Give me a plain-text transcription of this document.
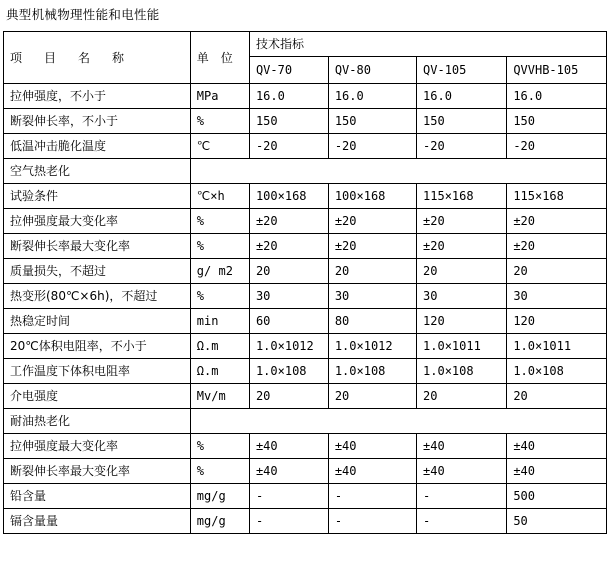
典型机械物理性能和电性能
项目名称	单位	技术指标			
		QV-70	QV-80	QV-105	QVVHB-105
拉伸强度，不小于	MPa	16.0	16.0	16.0	16.0
断裂伸长率，不小于	%	150	150	150	150
低温冲击脆化温度	℃	-20	-20	-20	-20
空气热老化					
试验条件	℃×h	100×168	100×168	115×168	115×168
拉伸强度最大变化率	%	±20	±20	±20	±20
断裂伸长率最大变化率	%	±20	±20	±20	±20
质量损失，不超过	g/ m2	20	20	20	20
热变形(80℃×6h)，不超过	%	30	30	30	30
热稳定时间	min	60	80	120	120
20℃体积电阻率，不小于	Ω.m	1.0×1012	1.0×1012	1.0×1011	1.0×1011
工作温度下体积电阻率	Ω.m	1.0×108	1.0×108	1.0×108	1.0×108
介电强度	Mv/m	20	20	20	20
耐油热老化					
拉伸强度最大变化率	%	±40	±40	±40	±40
断裂伸长率最大变化率	%	±40	±40	±40	±40
铅含量	mg/g	-	-	-	500
镉含量量	mg/g	-	-	-	50
